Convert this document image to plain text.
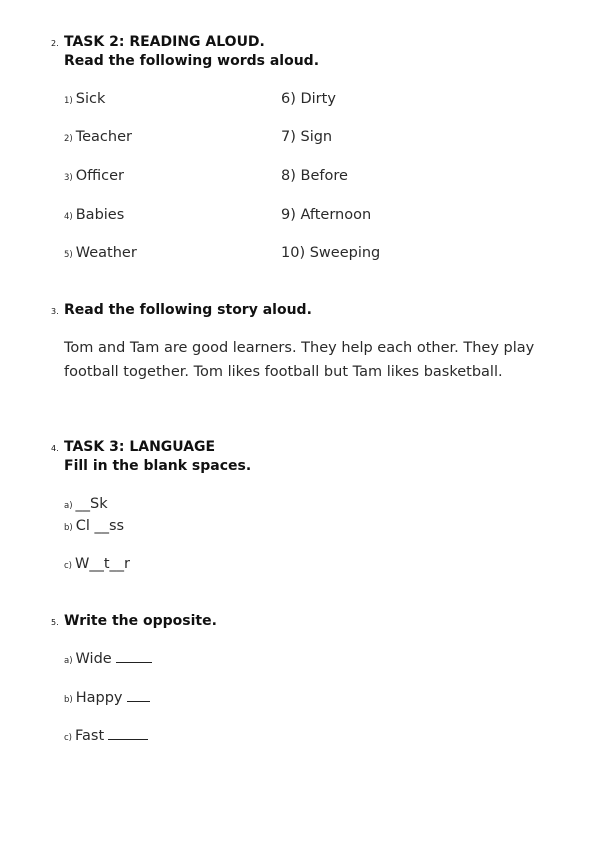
2. TASK 2: READING ALOUD.
Read the following words aloud.
1) Sick
2) Teacher
3) Officer
4) Babies
5) Weather
6) Dirty
7) Sign
8) Before
9) Afternoon
10) Sweeping
3. Read the following story aloud.
Tom and Tam are good learners. They help each other. They play football together. Tom likes football but Tam likes basketball.
4. TASK 3: LANGUAGE
Fill in the blank spaces.
a) __Sk
b) Cl __ss
c) W__t__r
5. Write the opposite.
a) Wide
b) Happy
c) Fast
